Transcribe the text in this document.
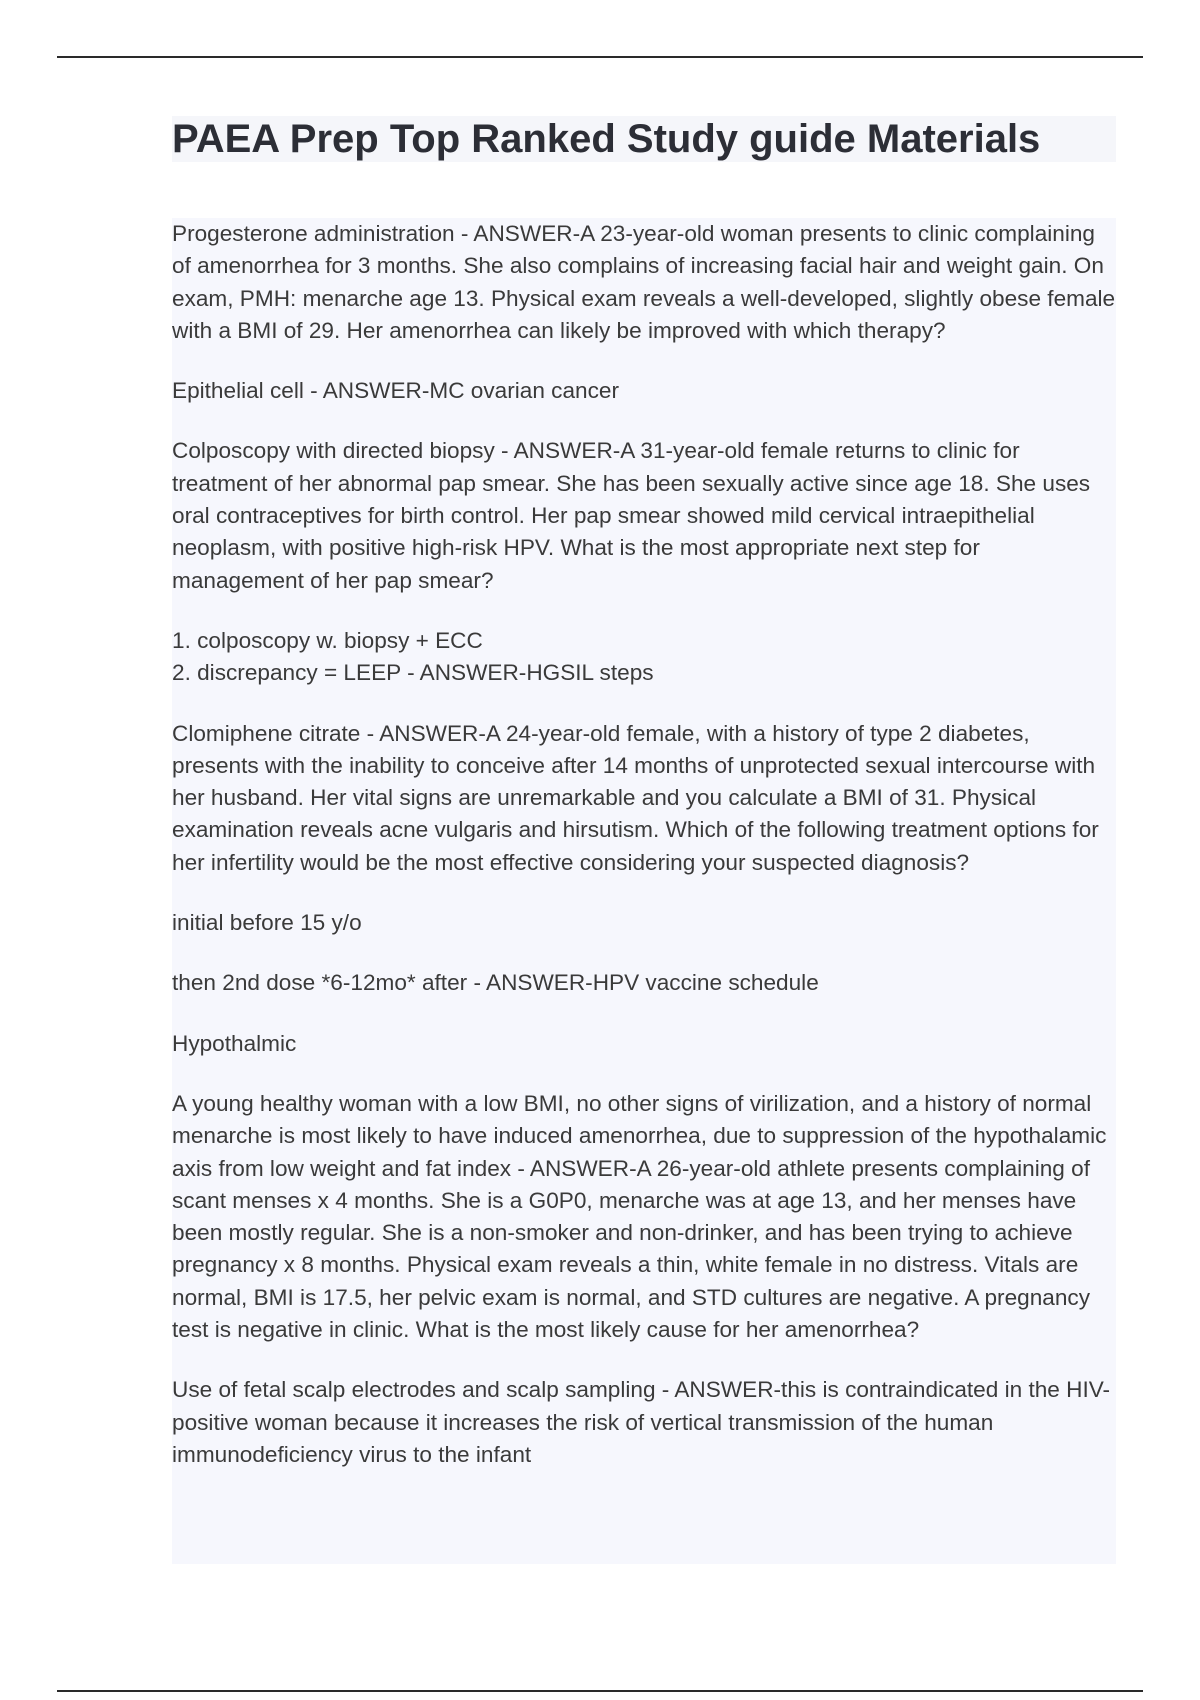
PAEA Prep Top Ranked Study guide Materials

Progesterone administration - ANSWER-A 23-year-old woman presents to clinic complaining of amenorrhea for 3 months. She also complains of increasing facial hair and weight gain. On exam, PMH: menarche age 13. Physical exam reveals a well-developed, slightly obese female with a BMI of 29. Her amenorrhea can likely be improved with which therapy?

Epithelial cell - ANSWER-MC ovarian cancer

Colposcopy with directed biopsy - ANSWER-A 31-year-old female returns to clinic for treatment of her abnormal pap smear. She has been sexually active since age 18. She uses oral contraceptives for birth control. Her pap smear showed mild cervical intraepithelial neoplasm, with positive high-risk HPV. What is the most appropriate next step for management of her pap smear?

1. colposcopy w. biopsy + ECC
2. discrepancy = LEEP - ANSWER-HGSIL steps

Clomiphene citrate - ANSWER-A 24-year-old female, with a history of type 2 diabetes, presents with the inability to conceive after 14 months of unprotected sexual intercourse with her husband. Her vital signs are unremarkable and you calculate a BMI of 31. Physical examination reveals acne vulgaris and hirsutism. Which of the following treatment options for her infertility would be the most effective considering your suspected diagnosis?

initial before 15 y/o

then 2nd dose *6-12mo* after - ANSWER-HPV vaccine schedule

Hypothalmic

A young healthy woman with a low BMI, no other signs of virilization, and a history of normal menarche is most likely to have induced amenorrhea, due to suppression of the hypothalamic axis from low weight and fat index - ANSWER-A 26-year-old athlete presents complaining of scant menses x 4 months. She is a G0P0, menarche was at age 13, and her menses have been mostly regular. She is a non-smoker and non-drinker, and has been trying to achieve pregnancy x 8 months. Physical exam reveals a thin, white female in no distress. Vitals are normal, BMI is 17.5, her pelvic exam is normal, and STD cultures are negative. A pregnancy test is negative in clinic. What is the most likely cause for her amenorrhea?

Use of fetal scalp electrodes and scalp sampling - ANSWER-this is contraindicated in the HIV-positive woman because it increases the risk of vertical transmission of the human immunodeficiency virus to the infant
